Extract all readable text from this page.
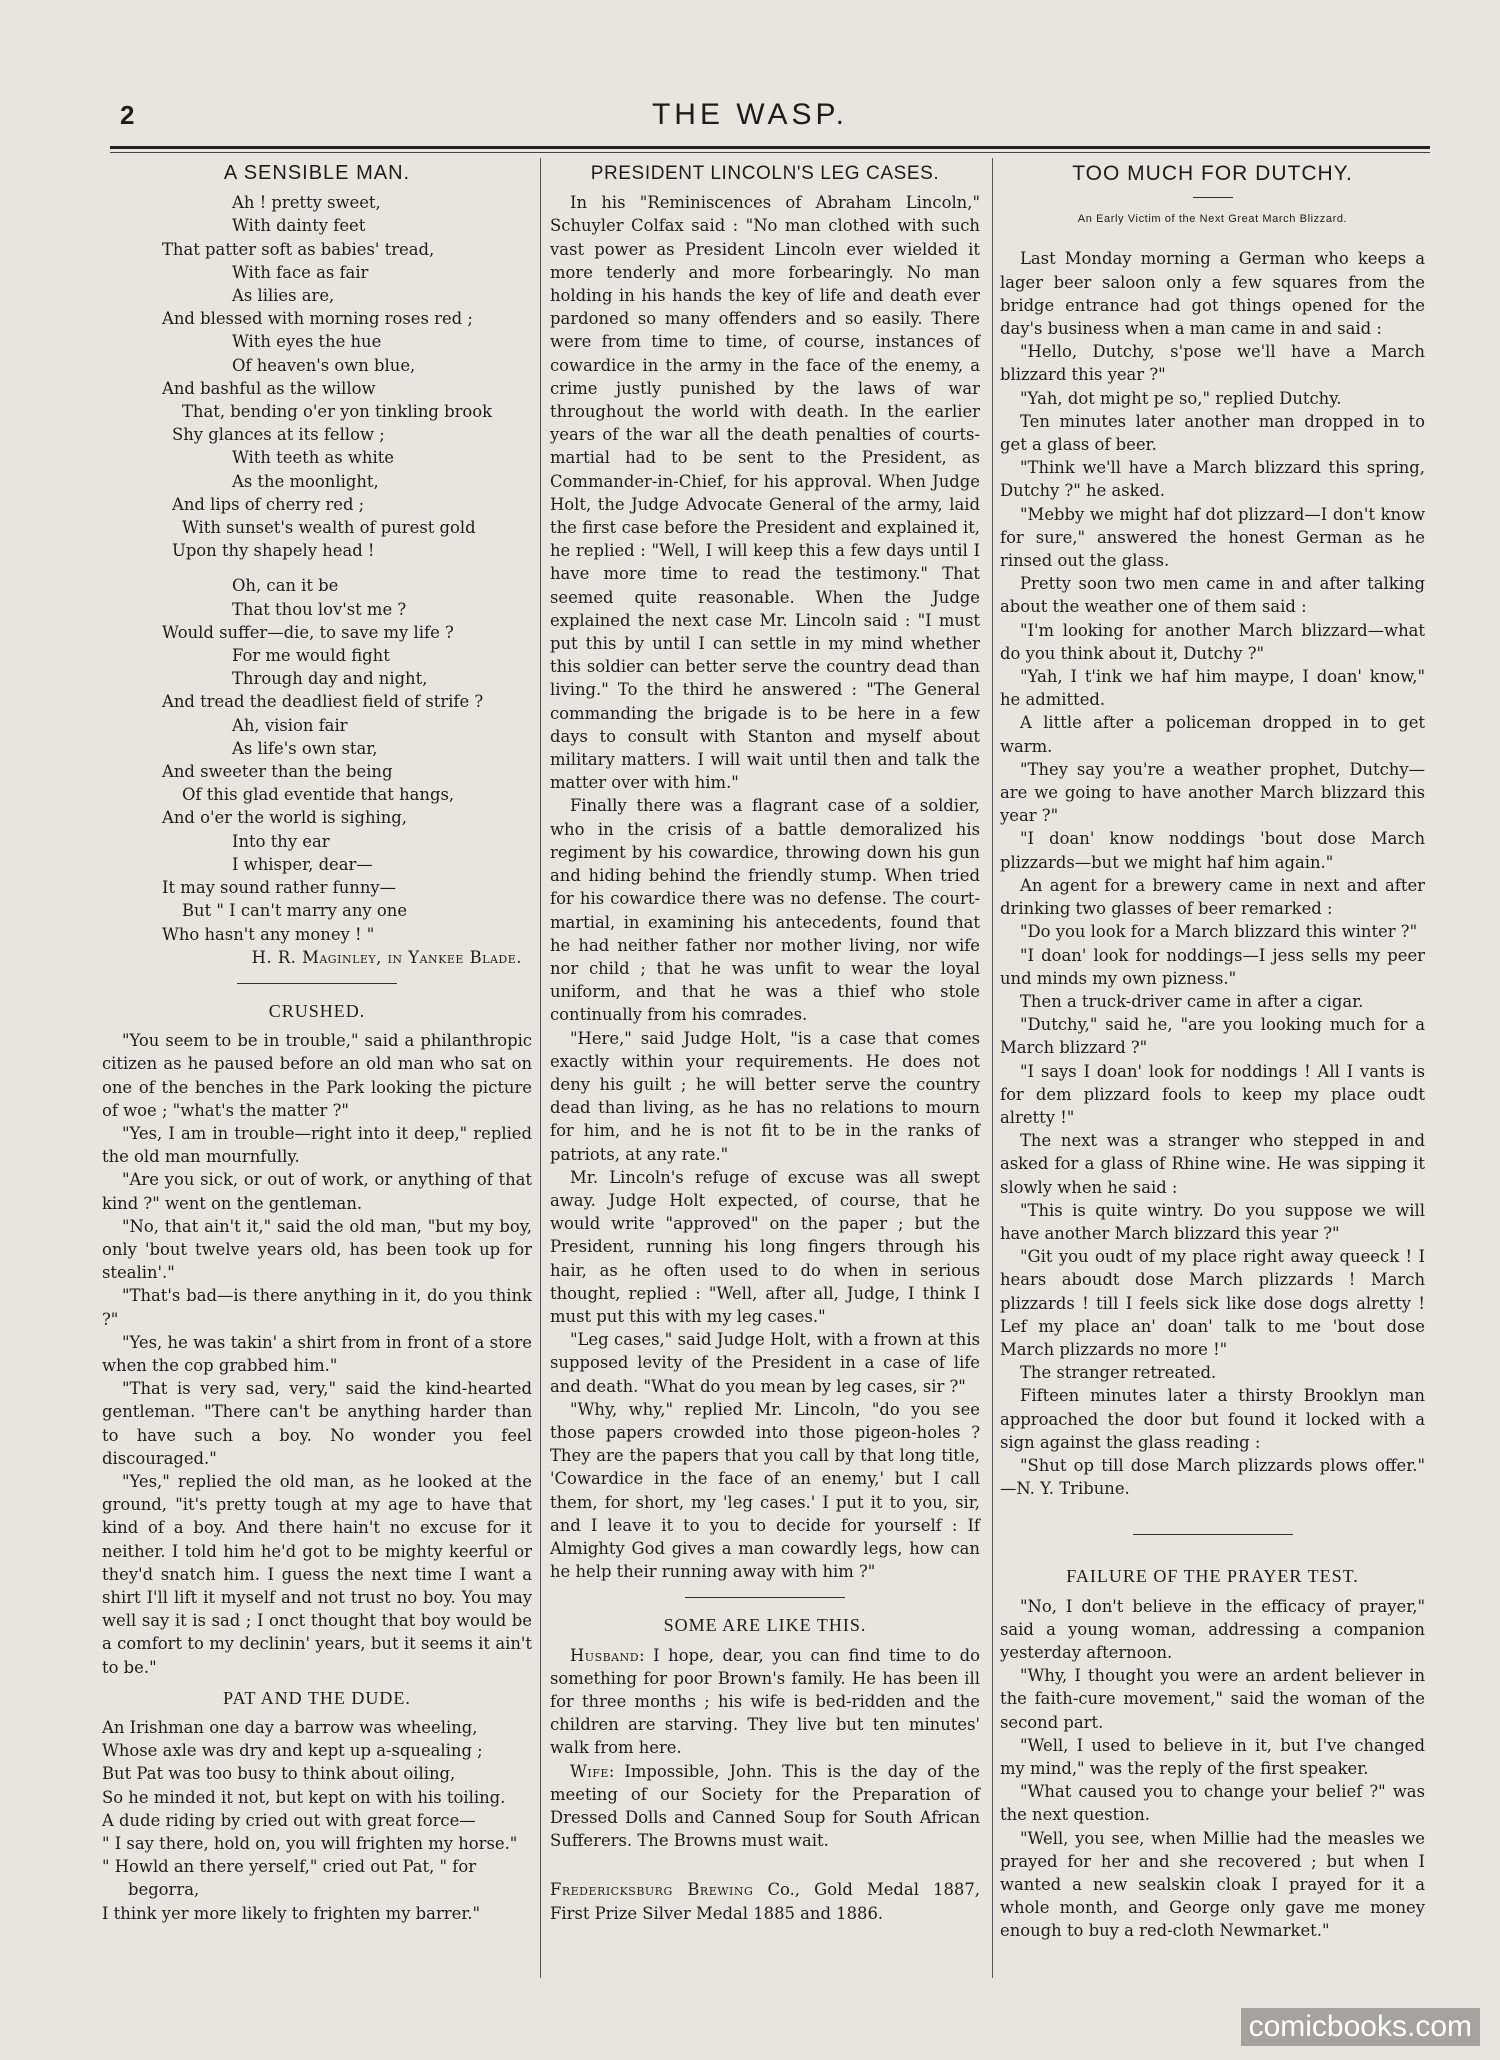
2	THE WASP.
A SENSIBLE MAN.
Ah ! pretty sweet,
With dainty feet
That patter soft as babies' tread,
With face as fair
As lilies are,
And blessed with morning roses red ;
With eyes the hue
Of heaven's own blue,
And bashful as the willow
That, bending o'er yon tinkling brook
Shy glances at its fellow ;
With teeth as white
As the moonlight,
And lips of cherry red ;
With sunset's wealth of purest gold
Upon thy shapely head !
Oh, can it be
That thou lov'st me ?
Would suffer—die, to save my life ?
For me would fight
Through day and night,
And tread the deadliest field of strife ?
Ah, vision fair
As life's own star,
And sweeter than the being
Of this glad eventide that hangs,
And o'er the world is sighing,
Into thy ear
I whisper, dear—
It may sound rather funny—
But " I can't marry any one
Who hasn't any money ! "
H. R. Maginley, in Yankee Blade.
CRUSHED.

"You seem to be in trouble," said a philanthropic citizen as he paused before an old man who sat on one of the benches in the Park looking the picture of woe ; "what's the matter ?"

"Yes, I am in trouble—right into it deep," replied the old man mournfully.

"Are you sick, or out of work, or anything of that kind ?" went on the gentleman.

"No, that ain't it," said the old man, "but my boy, only 'bout twelve years old, has been took up for stealin'."

"That's bad—is there anything in it, do you think ?"

"Yes, he was takin' a shirt from in front of a store when the cop grabbed him."

"That is very sad, very," said the kind-hearted gentleman. "There can't be anything harder than to have such a boy. No wonder you feel discouraged."

"Yes," replied the old man, as he looked at the ground, "it's pretty tough at my age to have that kind of a boy. And there hain't no excuse for it neither. I told him he'd got to be mighty keerful or they'd snatch him. I guess the next time I want a shirt I'll lift it myself and not trust no boy. You may well say it is sad ; I onct thought that boy would be a comfort to my declinin' years, but it seems it ain't to be."

PAT AND THE DUDE.
An Irishman one day a barrow was wheeling,
Whose axle was dry and kept up a-squealing ;
But Pat was too busy to think about oiling,
So he minded it not, but kept on with his toiling.
A dude riding by cried out with great force—
" I say there, hold on, you will frighten my horse."
" Howld an there yerself," cried out Pat, " for
begorra,
I think yer more likely to frighten my barrer."
PRESIDENT LINCOLN'S LEG CASES.

In his "Reminiscences of Abraham Lincoln," Schuyler Colfax said : "No man clothed with such vast power as President Lincoln ever wielded it more tenderly and more forbearingly. No man holding in his hands the key of life and death ever pardoned so many offenders and so easily. There were from time to time, of course, instances of cowardice in the army in the face of the enemy, a crime justly punished by the laws of war throughout the world with death. In the earlier years of the war all the death penalties of courts-martial had to be sent to the President, as Commander-in-Chief, for his approval. When Judge Holt, the Judge Advocate General of the army, laid the first case before the President and explained it, he replied : "Well, I will keep this a few days until I have more time to read the testimony." That seemed quite reasonable. When the Judge explained the next case Mr. Lincoln said : "I must put this by until I can settle in my mind whether this soldier can better serve the country dead than living." To the third he answered : "The General commanding the brigade is to be here in a few days to consult with Stanton and myself about military matters. I will wait until then and talk the matter over with him."

Finally there was a flagrant case of a soldier, who in the crisis of a battle demoralized his regiment by his cowardice, throwing down his gun and hiding behind the friendly stump. When tried for his cowardice there was no defense. The court-martial, in examining his antecedents, found that he had neither father nor mother living, nor wife nor child ; that he was unfit to wear the loyal uniform, and that he was a thief who stole continually from his comrades.

"Here," said Judge Holt, "is a case that comes exactly within your requirements. He does not deny his guilt ; he will better serve the country dead than living, as he has no relations to mourn for him, and he is not fit to be in the ranks of patriots, at any rate."

Mr. Lincoln's refuge of excuse was all swept away. Judge Holt expected, of course, that he would write "approved" on the paper ; but the President, running his long fingers through his hair, as he often used to do when in serious thought, replied : "Well, after all, Judge, I think I must put this with my leg cases."

"Leg cases," said Judge Holt, with a frown at this supposed levity of the President in a case of life and death. "What do you mean by leg cases, sir ?"

"Why, why," replied Mr. Lincoln, "do you see those papers crowded into those pigeon-holes ? They are the papers that you call by that long title, 'Cowardice in the face of an enemy,' but I call them, for short, my 'leg cases.' I put it to you, sir, and I leave it to you to decide for yourself : If Almighty God gives a man cowardly legs, how can he help their running away with him ?"

SOME ARE LIKE THIS.

Husband: I hope, dear, you can find time to do something for poor Brown's family. He has been ill for three months ; his wife is bed-ridden and the children are starving. They live but ten minutes' walk from here.

Wife: Impossible, John. This is the day of the meeting of our Society for the Preparation of Dressed Dolls and Canned Soup for South African Sufferers. The Browns must wait.

Fredericksburg Brewing Co., Gold Medal 1887, First Prize Silver Medal 1885 and 1886.

TOO MUCH FOR DUTCHY.
An Early Victim of the Next Great March Blizzard.

Last Monday morning a German who keeps a lager beer saloon only a few squares from the bridge entrance had got things opened for the day's business when a man came in and said :

"Hello, Dutchy, s'pose we'll have a March blizzard this year ?"

"Yah, dot might pe so," replied Dutchy.

Ten minutes later another man dropped in to get a glass of beer.

"Think we'll have a March blizzard this spring, Dutchy ?" he asked.

"Mebby we might haf dot plizzard—I don't know for sure," answered the honest German as he rinsed out the glass.

Pretty soon two men came in and after talking about the weather one of them said :

"I'm looking for another March blizzard—what do you think about it, Dutchy ?"

"Yah, I t'ink we haf him maype, I doan' know," he admitted.

A little after a policeman dropped in to get warm.

"They say you're a weather prophet, Dutchy—are we going to have another March blizzard this year ?"

"I doan' know noddings 'bout dose March plizzards—but we might haf him again."

An agent for a brewery came in next and after drinking two glasses of beer remarked :

"Do you look for a March blizzard this winter ?"

"I doan' look for noddings—I jess sells my peer und minds my own pizness."

Then a truck-driver came in after a cigar.

"Dutchy," said he, "are you looking much for a March blizzard ?"

"I says I doan' look for noddings ! All I vants is for dem plizzard fools to keep my place oudt alretty !"

The next was a stranger who stepped in and asked for a glass of Rhine wine. He was sipping it slowly when he said :

"This is quite wintry. Do you suppose we will have another March blizzard this year ?"

"Git you oudt of my place right away queeck ! I hears aboudt dose March plizzards ! March plizzards ! till I feels sick like dose dogs alretty ! Lef my place an' doan' talk to me 'bout dose March plizzards no more !"

The stranger retreated.

Fifteen minutes later a thirsty Brooklyn man approached the door but found it locked with a sign against the glass reading :

"Shut op till dose March plizzards plows offer." —N. Y. Tribune.

FAILURE OF THE PRAYER TEST.

"No, I don't believe in the efficacy of prayer," said a young woman, addressing a companion yesterday afternoon.

"Why, I thought you were an ardent believer in the faith-cure movement," said the woman of the second part.

"Well, I used to believe in it, but I've changed my mind," was the reply of the first speaker.

"What caused you to change your belief ?" was the next question.

"Well, you see, when Millie had the measles we prayed for her and she recovered ; but when I wanted a new sealskin cloak I prayed for it a whole month, and George only gave me money enough to buy a red-cloth Newmarket."

comicbooks.com
